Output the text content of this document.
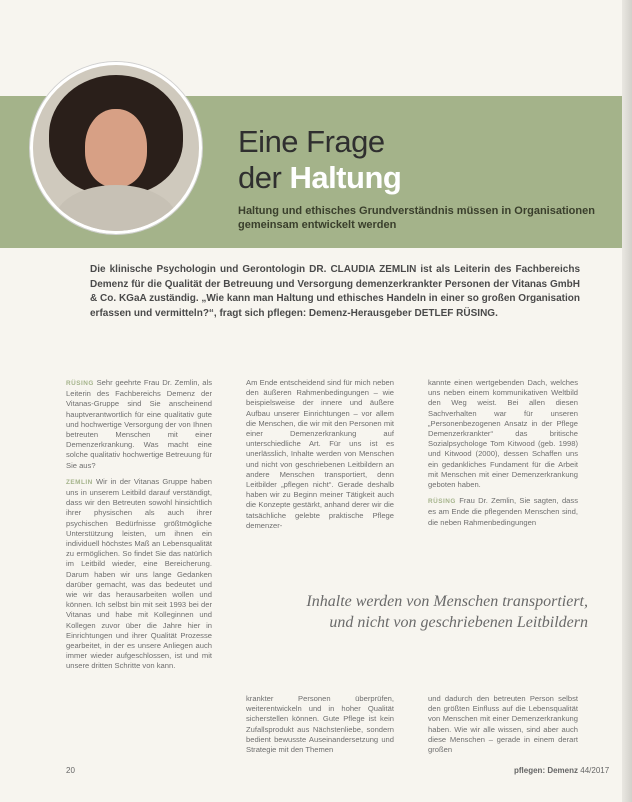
Eine Frage
der Haltung
Haltung und ethisches Grundverständnis müssen in Organisationen gemeinsam entwickelt werden
Die klinische Psychologin und Gerontologin DR. CLAUDIA ZEMLIN ist als Leiterin des Fachbereichs Demenz für die Qualität der Betreuung und Versorgung demenzerkrankter Personen der Vitanas GmbH & Co. KGaA zuständig. „Wie kann man Haltung und ethisches Handeln in einer so großen Organisation erfassen und vermitteln?“, fragt sich pflegen: Demenz-Herausgeber DETLEF RÜSING.

RÜSING Sehr geehrte Frau Dr. Zemlin, als Leiterin des Fachbereichs Demenz der Vitanas-Gruppe sind Sie anscheinend hauptverantwortlich für eine qualitativ gute und hochwertige Versorgung der von Ihnen betreuten Menschen mit einer Demenzerkrankung. Was macht eine solche qualitativ hochwertige Betreuung für Sie aus?

ZEMLIN Wir in der Vitanas Gruppe haben uns in unserem Leitbild darauf verständigt, dass wir den Betreuten sowohl hinsichtlich ihrer physischen als auch ihrer psychischen Bedürfnisse größtmögliche Unterstützung leisten, um ihnen ein individuell höchstes Maß an Lebensqualität zu ermöglichen. So findet Sie das natürlich im Leitbild wieder, eine Bereicherung. Darum haben wir uns lange Gedanken darüber gemacht, was das bedeutet und wie wir das herausarbeiten wollen und können. Ich selbst bin mit seit 1993 bei der Vitanas und habe mit Kolleginnen und Kollegen zuvor über die Jahre hier in Einrichtungen und ihrer Qualität Prozesse gearbeitet, in der es unsere Anliegen auch immer wieder aufgeschlossen, ist und mit unsere dritten Schritte von kann.

Am Ende entscheidend sind für mich neben den äußeren Rahmenbedingungen – wie beispielsweise der innere und äußere Aufbau unserer Einrichtungen – vor allem die Menschen, die wir mit den Personen mit einer Demenzerkrankung auf unterschiedliche Art. Für uns ist es unerlässlich, Inhalte werden von Menschen und nicht von geschriebenen Leitbildern an andere Menschen transportiert, denn Leitbilder „pflegen nicht“. Gerade deshalb haben wir zu Beginn meiner Tätigkeit auch die Konzepte gestärkt, anhand derer wir die tatsächliche gelebte praktische Pflege demenzer-

kannte einen wertgebenden Dach, welches uns neben einem kommunikativen Weltbild den Weg weist. Bei allen diesen Sachverhalten war für unseren „Personenbezogenen Ansatz in der Pflege Demenzerkrankter“ das britische Sozialpsychologe Tom Kitwood (geb. 1998) und Kitwood (2000), dessen Schaffen uns ein gedankliches Fundament für die Arbeit mit Menschen mit einer Demenzerkrankung geboten haben.

RÜSING Frau Dr. Zemlin, Sie sagten, dass es am Ende die pflegenden Menschen sind, die neben Rahmenbedingungen

Inhalte werden von Menschen transportiert,
und nicht von geschriebenen Leitbildern
krankter Personen überprüfen, weiterentwickeln und in hoher Qualität sicherstellen können. Gute Pflege ist kein Zufallsprodukt aus Nächstenliebe, sondern bedient bewusste Auseinandersetzung und Strategie mit den Themen
und dadurch den betreuten Person selbst den größten Einfluss auf die Lebensqualität von Menschen mit einer Demenzerkrankung haben. Wie wir alle wissen, sind aber auch diese Menschen – gerade in einem derart großen
20	pflegen: Demenz 44/2017
